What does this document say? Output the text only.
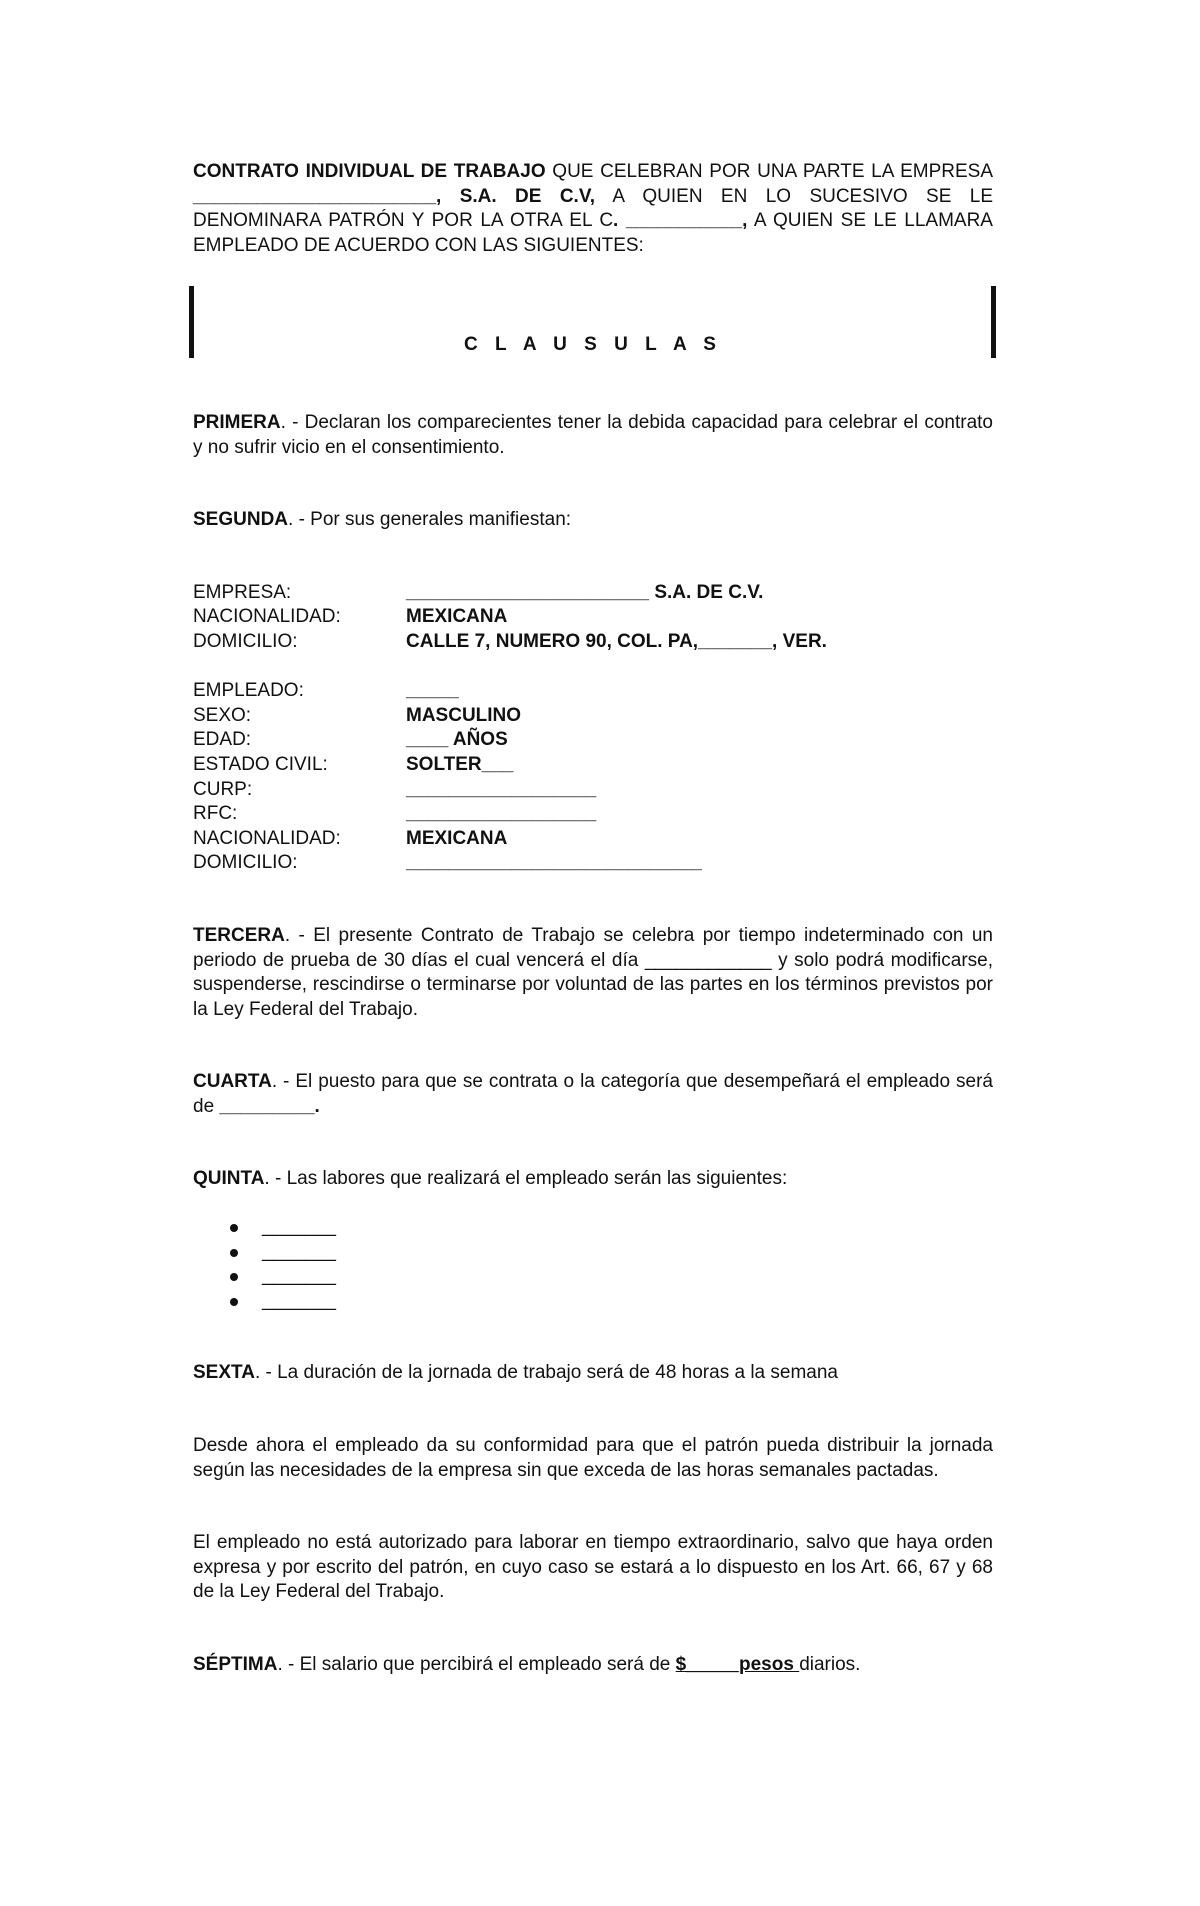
CONTRATO INDIVIDUAL DE TRABAJO QUE CELEBRAN POR UNA PARTE LA EMPRESA _______________________, S.A. DE C.V, A QUIEN EN LO SUCESIVO SE LE DENOMINARA PATRÓN Y POR LA OTRA EL C. ___________, A QUIEN SE LE LLAMARA EMPLEADO DE ACUERDO CON LAS SIGUIENTES:

C L A U S U L A S

PRIMERA. - Declaran los comparecientes tener la debida capacidad para celebrar el contrato y no sufrir vicio en el consentimiento.

SEGUNDA. - Por sus generales manifiestan:

EMPRESA:	_______________________ S.A. DE C.V.
NACIONALIDAD:	MEXICANA
DOMICILIO:	CALLE 7, NUMERO 90, COL. PA,_______, VER.
EMPLEADO:	_____
SEXO:	MASCULINO
EDAD:	____ AÑOS
ESTADO CIVIL:	SOLTER___
CURP:	__________________
RFC:	__________________
NACIONALIDAD:	MEXICANA
DOMICILIO:	____________________________

TERCERA. - El presente Contrato de Trabajo se celebra por tiempo indeterminado con un periodo de prueba de 30 días el cual vencerá el día ____________ y solo podrá modificarse, suspenderse, rescindirse o terminarse por voluntad de las partes en los términos previstos por la Ley Federal del Trabajo.

CUARTA. - El puesto para que se contrata o la categoría que desempeñará el empleado será de _________.

QUINTA. - Las labores que realizará el empleado serán las siguientes:

_______
_______
_______
_______

SEXTA. - La duración de la jornada de trabajo será de 48 horas a la semana

Desde ahora el empleado da su conformidad para que el patrón pueda distribuir la jornada según las necesidades de la empresa sin que exceda de las horas semanales pactadas.

El empleado no está autorizado para laborar en tiempo extraordinario, salvo que haya orden expresa y por escrito del patrón, en cuyo caso se estará a lo dispuesto en los Art. 66, 67 y 68 de la Ley Federal del Trabajo.

SÉPTIMA. - El salario que percibirá el empleado será de $_____pesos diarios.
